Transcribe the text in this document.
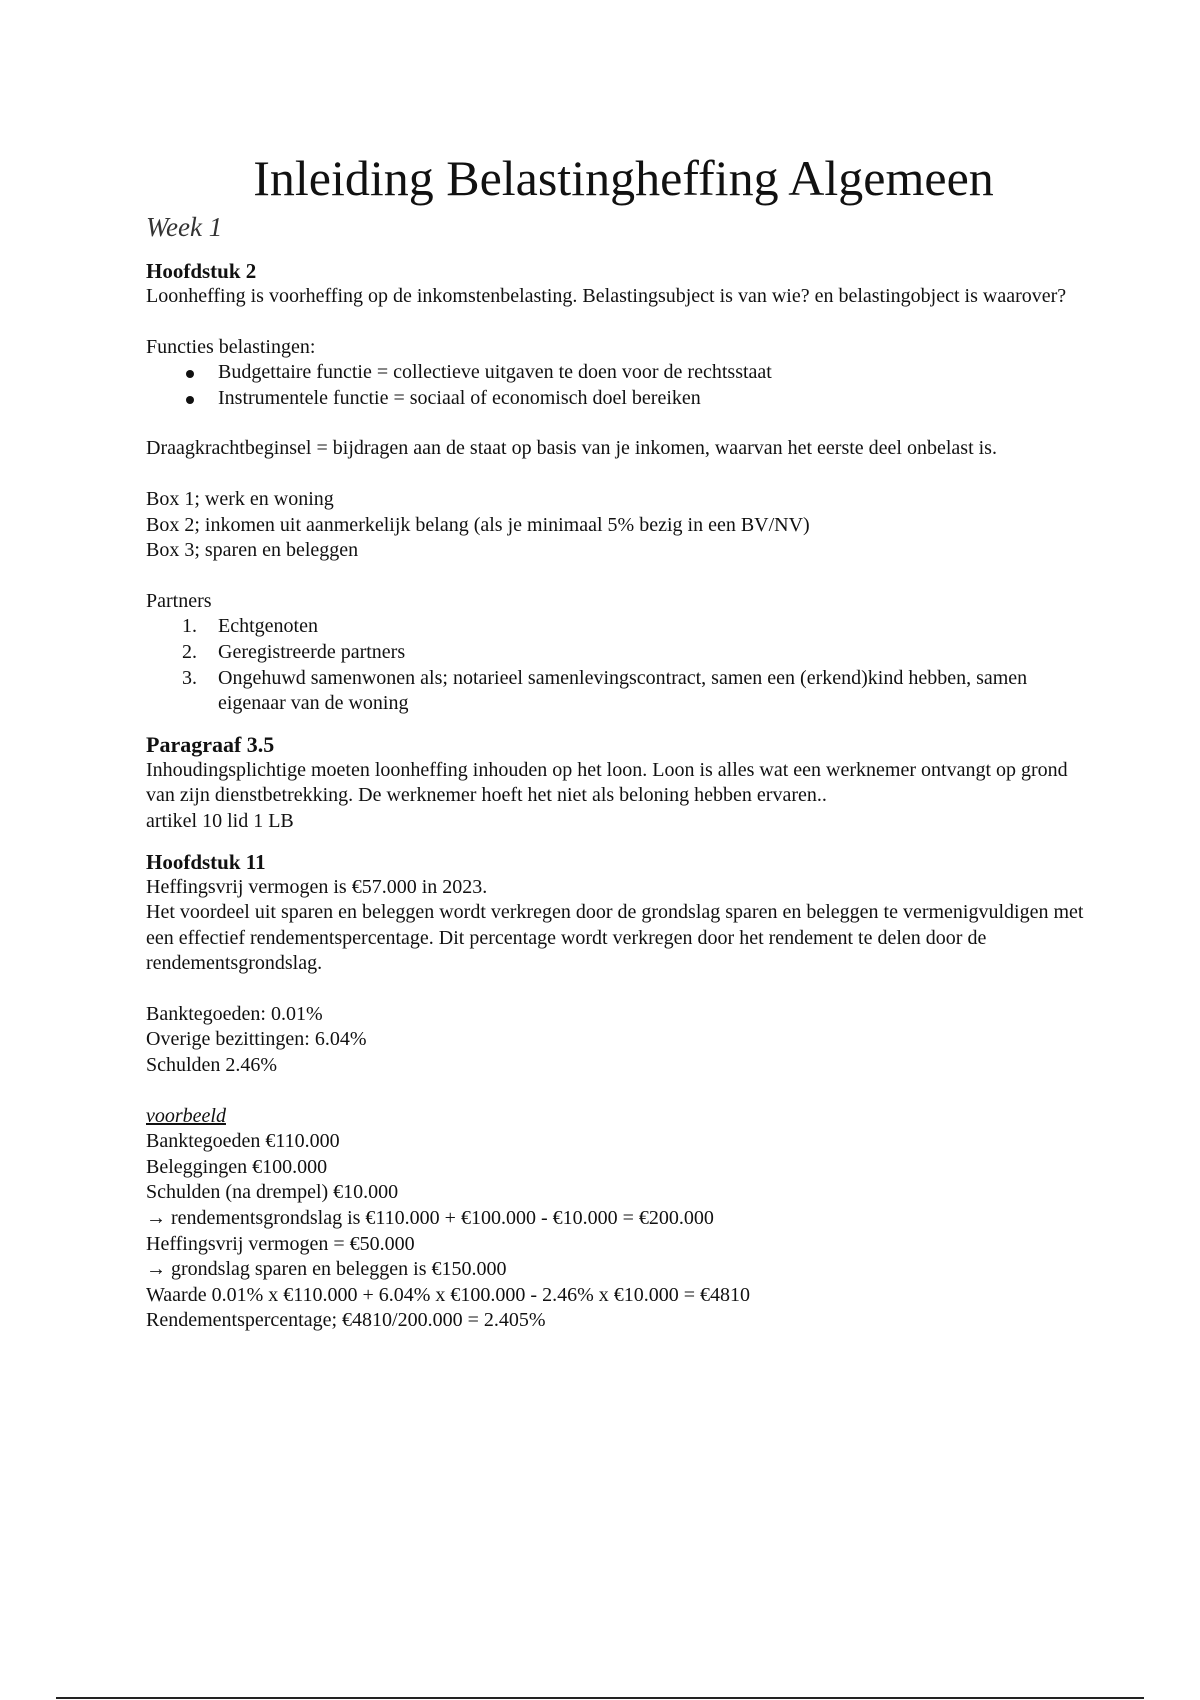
Inleiding Belastingheffing Algemeen
Week 1
Hoofdstuk 2

Loonheffing is voorheffing op de inkomstenbelasting. Belastingsubject is van wie? en belastingobject is waarover?

Functies belastingen:

Budgettaire functie = collectieve uitgaven te doen voor de rechtsstaat
Instrumentele functie = sociaal of economisch doel bereiken

Draagkrachtbeginsel = bijdragen aan de staat op basis van je inkomen, waarvan het eerste deel onbelast is.

Box 1; werk en woning

Box 2; inkomen uit aanmerkelijk belang (als je minimaal 5% bezig in een BV/NV)

Box 3; sparen en beleggen

Partners

1. Echtgenoten
2. Geregistreerde partners
3. Ongehuwd samenwonen als; notarieel samenlevingscontract, samen een (erkend)kind hebben, samen eigenaar van de woning
Paragraaf 3.5

Inhoudingsplichtige moeten loonheffing inhouden op het loon. Loon is alles wat een werknemer ontvangt op grond van zijn dienstbetrekking. De werknemer hoeft het niet als beloning hebben ervaren..

artikel 10 lid 1 LB

Hoofdstuk 11

Heffingsvrij vermogen is €57.000 in 2023.

Het voordeel uit sparen en beleggen wordt verkregen door de grondslag sparen en beleggen te vermenigvuldigen met een effectief rendementspercentage. Dit percentage wordt verkregen door het rendement te delen door de rendementsgrondslag.

Banktegoeden: 0.01%

Overige bezittingen: 6.04%

Schulden 2.46%

voorbeeld

Banktegoeden €110.000

Beleggingen €100.000

Schulden (na drempel) €10.000

→ rendementsgrondslag is €110.000 + €100.000 - €10.000 = €200.000

Heffingsvrij vermogen = €50.000

→ grondslag sparen en beleggen is €150.000

Waarde 0.01% x €110.000 + 6.04% x €100.000 - 2.46% x €10.000 = €4810

Rendementspercentage; €4810/200.000 = 2.405%
